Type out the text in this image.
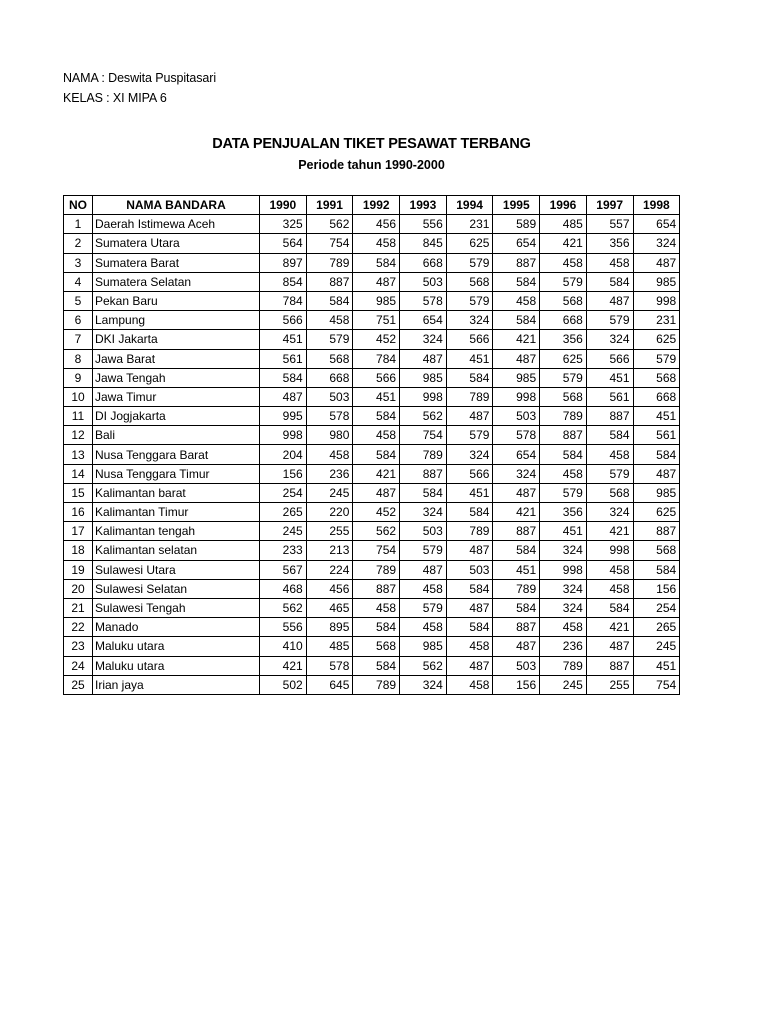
NAMA : Deswita Puspitasari
KELAS : XI MIPA 6
DATA PENJUALAN TIKET PESAWAT TERBANG
Periode tahun 1990-2000
NO	NAMA BANDARA	1990	1991	1992	1993	1994	1995	1996	1997	1998
1	Daerah Istimewa Aceh	325	562	456	556	231	589	485	557	654
2	Sumatera Utara	564	754	458	845	625	654	421	356	324
3	Sumatera Barat	897	789	584	668	579	887	458	458	487
4	Sumatera Selatan	854	887	487	503	568	584	579	584	985
5	Pekan Baru	784	584	985	578	579	458	568	487	998
6	Lampung	566	458	751	654	324	584	668	579	231
7	DKI Jakarta	451	579	452	324	566	421	356	324	625
8	Jawa Barat	561	568	784	487	451	487	625	566	579
9	Jawa Tengah	584	668	566	985	584	985	579	451	568
10	Jawa Timur	487	503	451	998	789	998	568	561	668
11	DI Jogjakarta	995	578	584	562	487	503	789	887	451
12	Bali	998	980	458	754	579	578	887	584	561
13	Nusa Tenggara Barat	204	458	584	789	324	654	584	458	584
14	Nusa Tenggara Timur	156	236	421	887	566	324	458	579	487
15	Kalimantan barat	254	245	487	584	451	487	579	568	985
16	Kalimantan Timur	265	220	452	324	584	421	356	324	625
17	Kalimantan tengah	245	255	562	503	789	887	451	421	887
18	Kalimantan selatan	233	213	754	579	487	584	324	998	568
19	Sulawesi Utara	567	224	789	487	503	451	998	458	584
20	Sulawesi Selatan	468	456	887	458	584	789	324	458	156
21	Sulawesi Tengah	562	465	458	579	487	584	324	584	254
22	Manado	556	895	584	458	584	887	458	421	265
23	Maluku utara	410	485	568	985	458	487	236	487	245
24	Maluku utara	421	578	584	562	487	503	789	887	451
25	Irian jaya	502	645	789	324	458	156	245	255	754
